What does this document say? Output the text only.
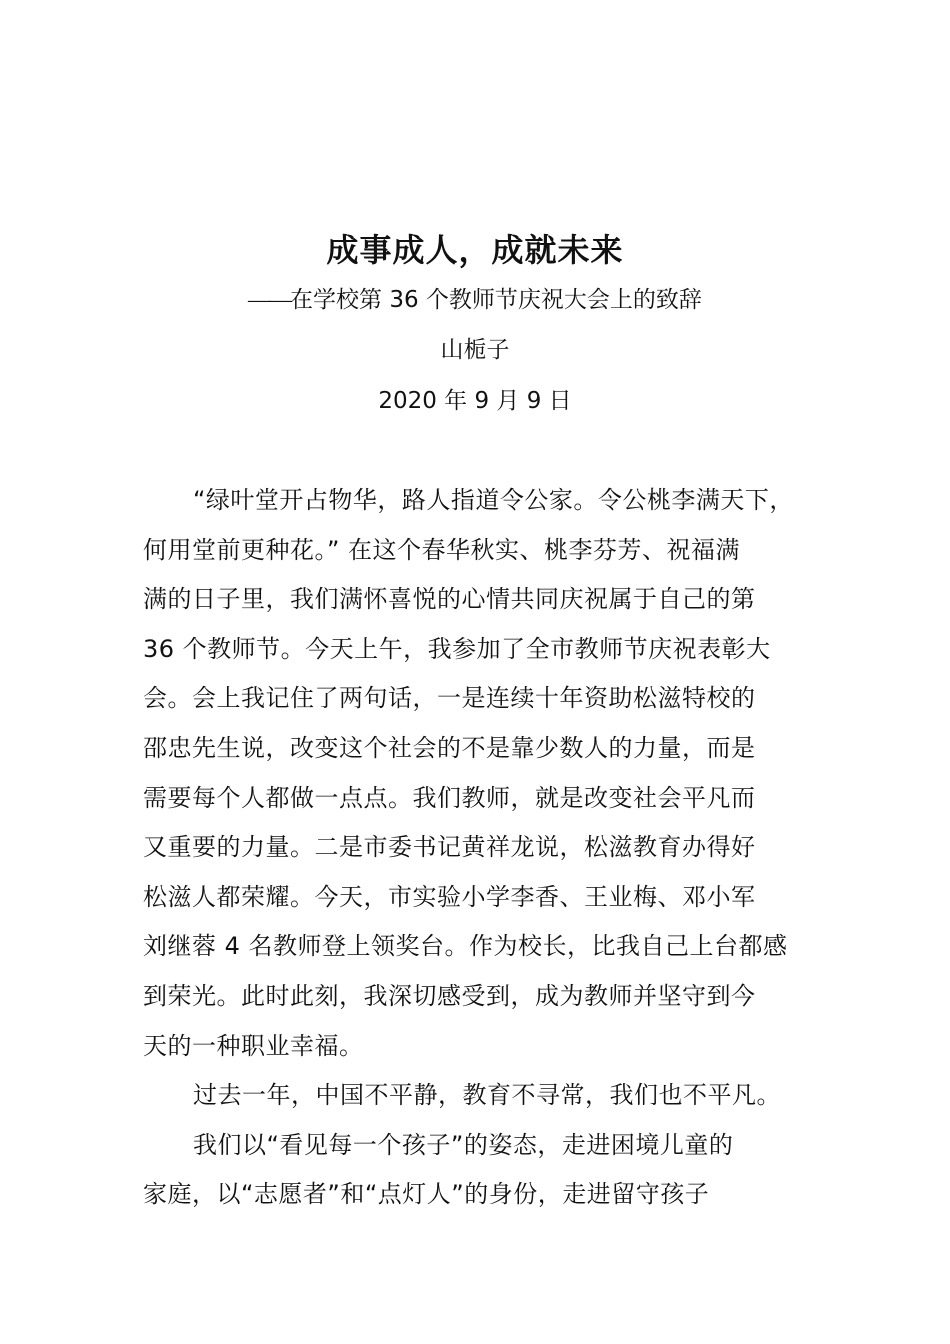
成事成人，成就未来

——在学校第 36 个教师节庆祝大会上的致辞

山栀子

2020 年 9 月 9 日

“绿叶堂开占物华，路人指道令公家。令公桃李满天下，
何用堂前更种花。” 在这个春华秋实、桃李芬芳、祝福满
满的日子里，我们满怀喜悦的心情共同庆祝属于自己的第
36 个教师节。今天上午，我参加了全市教师节庆祝表彰大
会。会上我记住了两句话，一是连续十年资助松滋特校的
邵忠先生说，改变这个社会的不是靠少数人的力量，而是
需要每个人都做一点点。我们教师，就是改变社会平凡而
又重要的力量。二是市委书记黄祥龙说，松滋教育办得好
松滋人都荣耀。今天，市实验小学李香、王业梅、邓小军
刘继蓉 4 名教师登上领奖台。作为校长，比我自己上台都感
到荣光。此时此刻，我深切感受到，成为教师并坚守到今
天的一种职业幸福。
过去一年，中国不平静，教育不寻常，我们也不平凡。
我们以“看见每一个孩子”的姿态，走进困境儿童的
家庭，以“志愿者”和“点灯人”的身份，走进留守孩子
